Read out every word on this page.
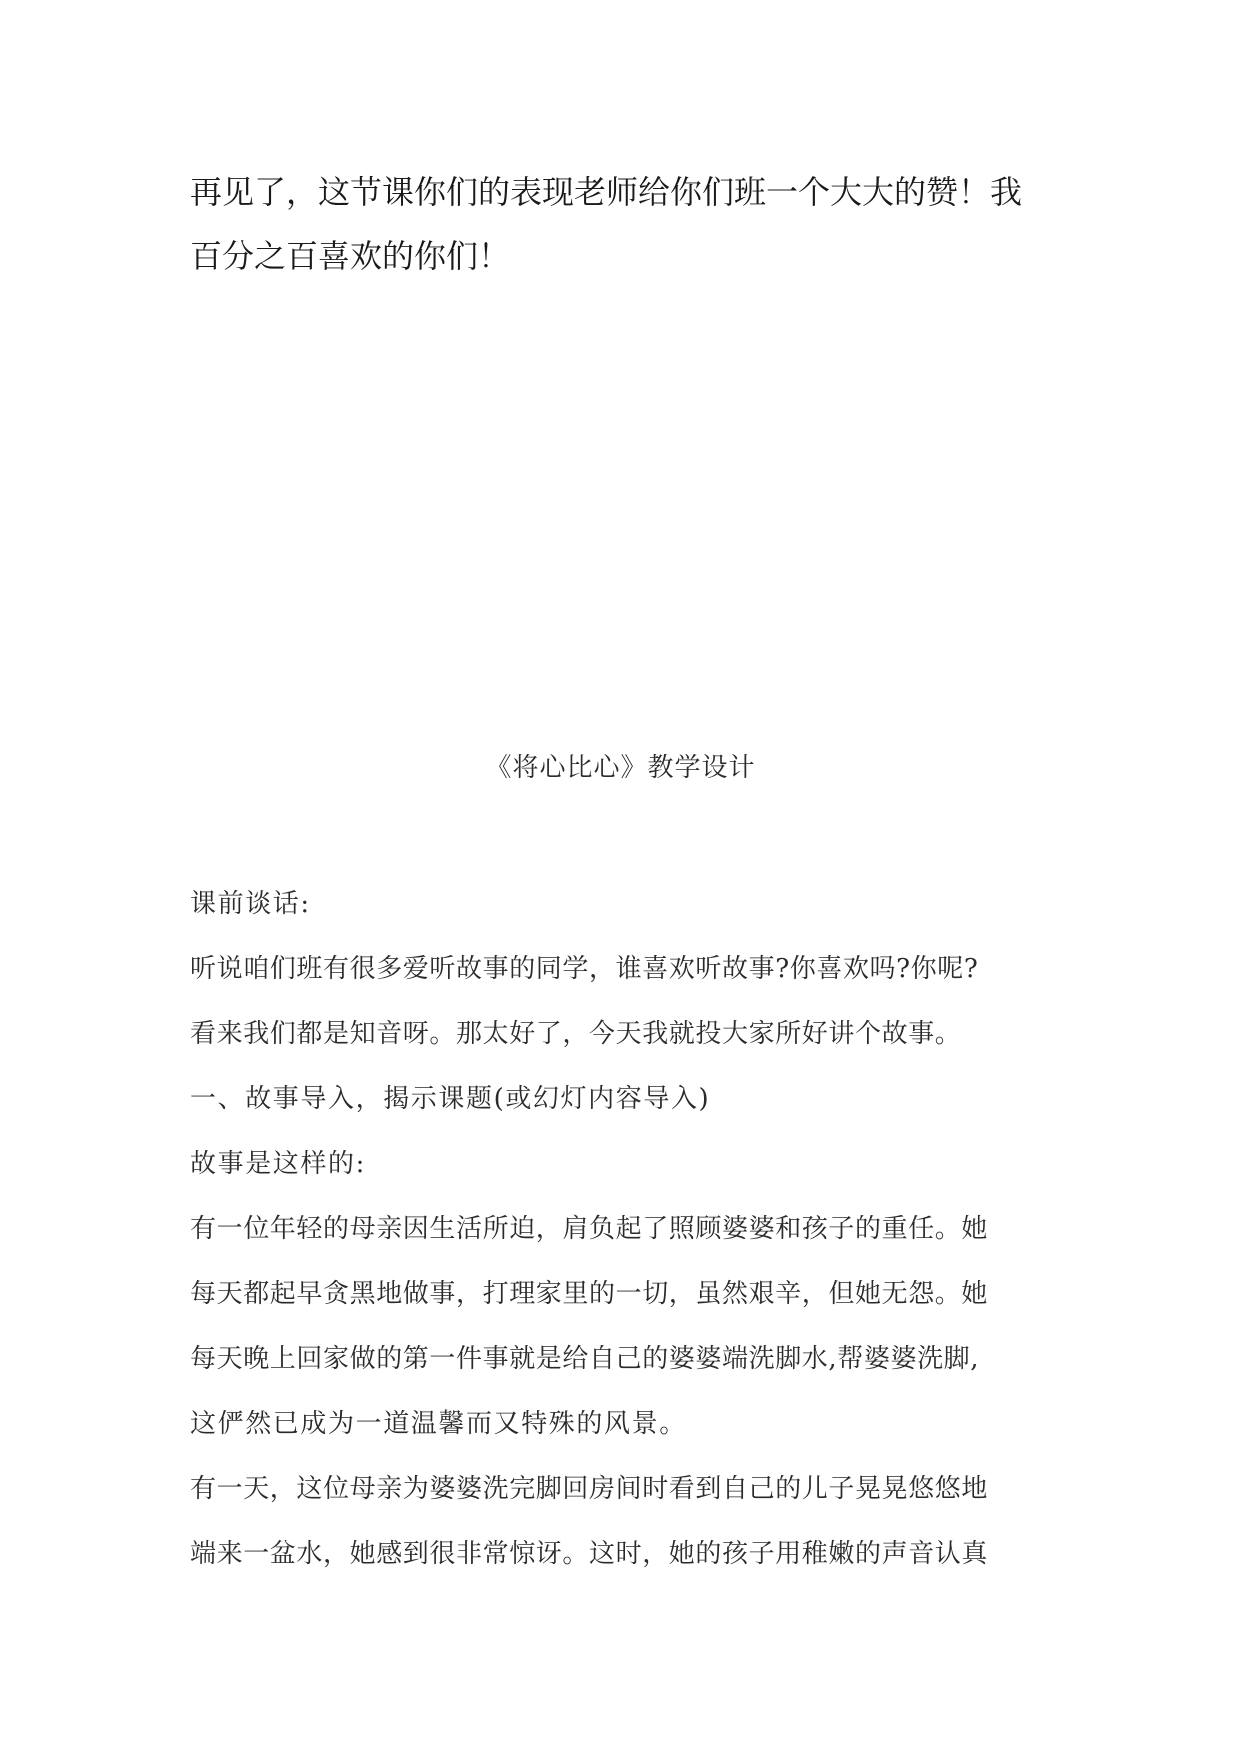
再见了，这节课你们的表现老师给你们班一个大大的赞！我
百分之百喜欢的你们！
《将心比心》教学设计
课前谈话:
听说咱们班有很多爱听故事的同学，谁喜欢听故事?你喜欢吗?你呢?
看来我们都是知音呀。那太好了，今天我就投大家所好讲个故事。
一、故事导入，揭示课题(或幻灯内容导入)
故事是这样的:
有一位年轻的母亲因生活所迫，肩负起了照顾婆婆和孩子的重任。她
每天都起早贪黑地做事，打理家里的一切，虽然艰辛，但她无怨。她
每天晚上回家做的第一件事就是给自己的婆婆端洗脚水,帮婆婆洗脚,
这俨然已成为一道温馨而又特殊的风景。
有一天，这位母亲为婆婆洗完脚回房间时看到自己的儿子晃晃悠悠地
端来一盆水，她感到很非常惊讶。这时，她的孩子用稚嫩的声音认真
